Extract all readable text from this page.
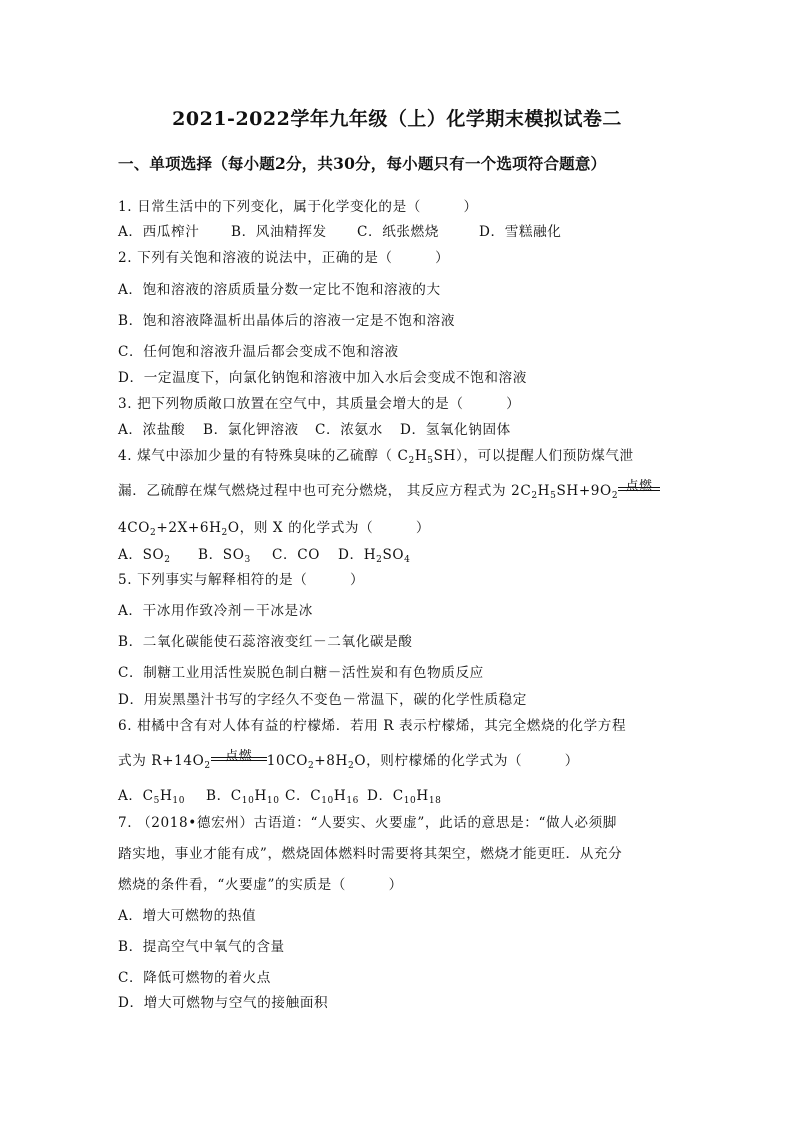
2021-2022学年九年级（上）化学期末模拟试卷二
一、单项选择（每小题2分，共30分，每小题只有一个选项符合题意）
1. 日常生活中的下列变化，属于化学变化的是（　　　）
A．西瓜榨汁 B．风油精挥发 C．纸张燃烧	D．雪糕融化
2. 下列有关饱和溶液的说法中，正确的是（　　　）
A．饱和溶液的溶质质量分数一定比不饱和溶液的大
B．饱和溶液降温析出晶体后的溶液一定是不饱和溶液
C．任何饱和溶液升温后都会变成不饱和溶液
D．一定温度下，向氯化钠饱和溶液中加入水后会变成不饱和溶液
3. 把下列物质敞口放置在空气中，其质量会增大的是（　　　）
A．浓盐酸 B．氯化钾溶液 C．浓氨水 D．氢氧化钠固体
4. 煤气中添加少量的有特殊臭味的乙硫醇（ $C_2H_5SH$），可以提醒人们预防煤气泄
漏．乙硫醇在煤气燃烧过程中也可充分燃烧， 其反应方程式为 $2C_2H_5SH+9O_2$
点燃
$4CO_2+2X+6H_2O$，则 X 的化学式为（　　　）
A．$SO_2$ B．$SO_3$ C．CO D．$H_2SO_4$
5. 下列事实与解释相符的是（　　　）
A．干冰用作致冷剂－干冰是冰
B．二氧化碳能使石蕊溶液变红－二氧化碳是酸
C．制糖工业用活性炭脱色制白糖－活性炭和有色物质反应
D．用炭黑墨汁书写的字经久不变色－常温下，碳的化学性质稳定
6. 柑橘中含有对人体有益的柠檬烯．若用 R 表示柠檬烯，其完全燃烧的化学方程
式为 $R+14O_2$
点燃	$10CO_2+8H_2O$，则柠檬烯的化学式为（　　　）
A．$C_5H_{10}$ B．$C_{10}H_{10}$ C．$C_{10}H_{16}$ D．$C_{10}H_{18}$
7. （2018•德宏州）古语道：“人要实、火要虚”，此话的意思是：“做人必须脚
踏实地，事业才能有成”，燃烧固体燃料时需要将其架空，燃烧才能更旺．从充分
燃烧的条件看，“火要虚”的实质是（　　　）
A．增大可燃物的热值
B．提高空气中氧气的含量
C．降低可燃物的着火点
D．增大可燃物与空气的接触面积
